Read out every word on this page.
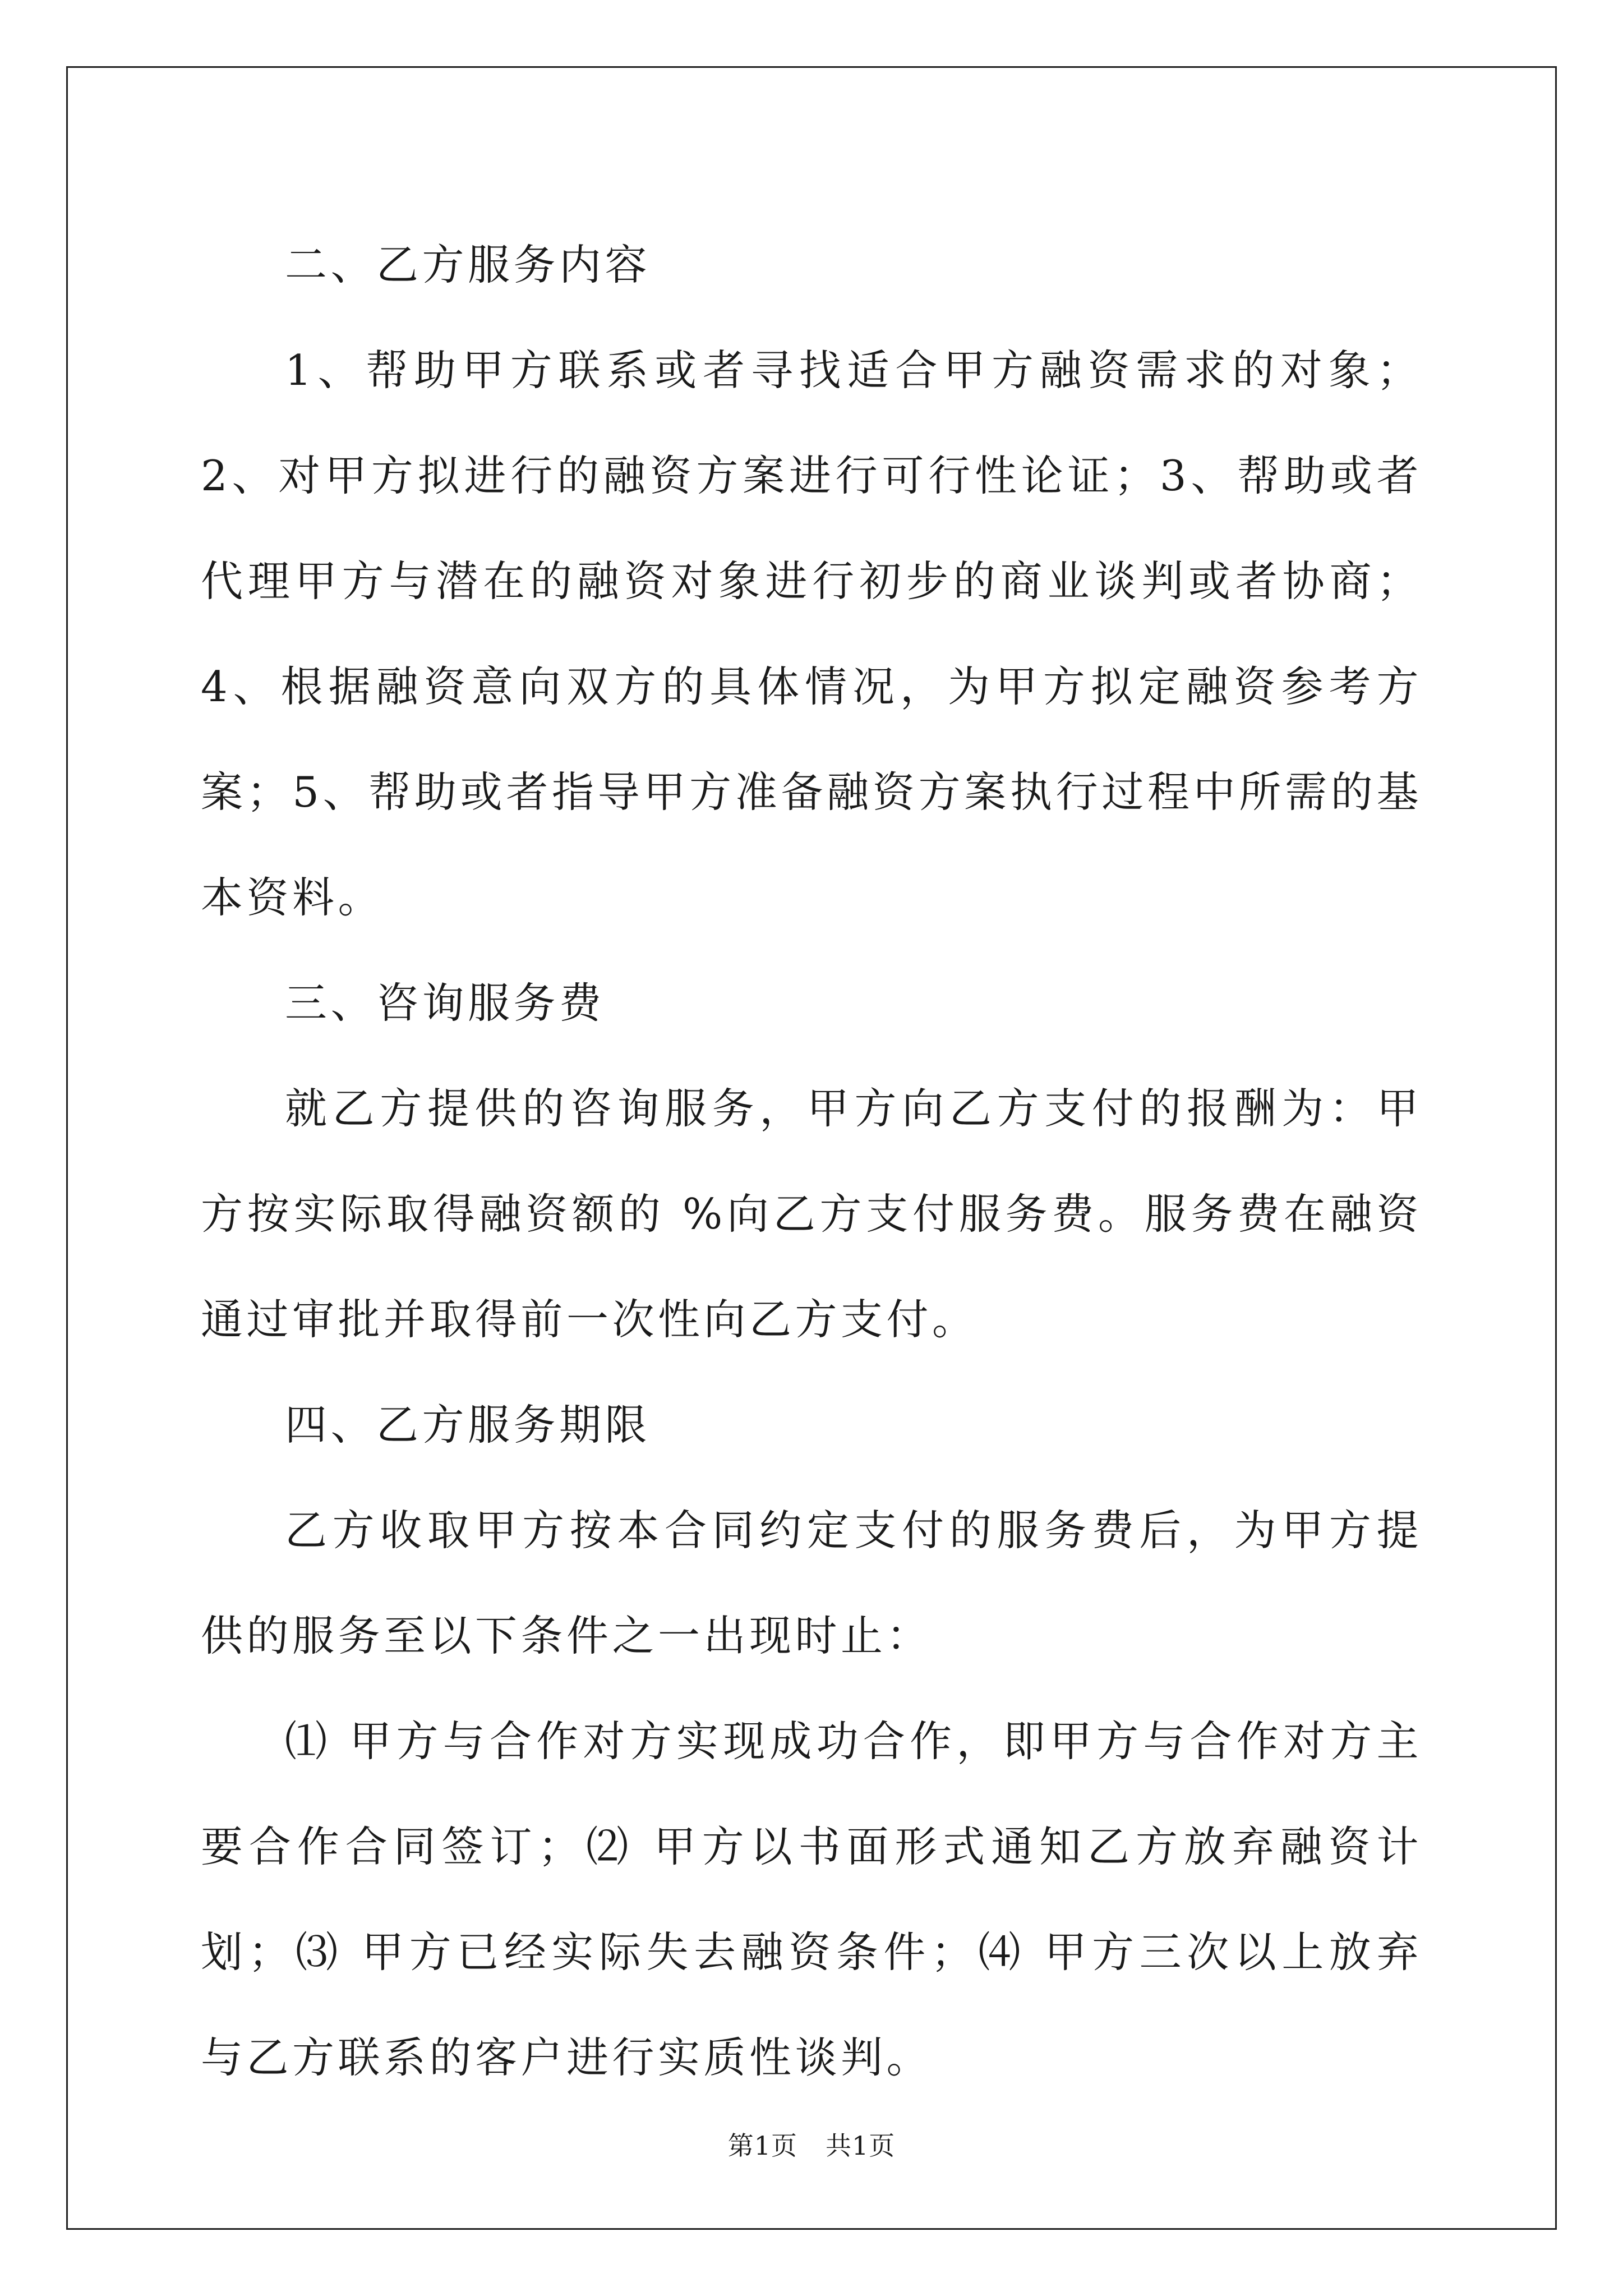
二、乙方服务内容

1、帮助甲方联系或者寻找适合甲方融资需求的对象；2、对甲方拟进行的融资方案进行可行性论证；3、帮助或者代理甲方与潜在的融资对象进行初步的商业谈判或者协商；4、根据融资意向双方的具体情况，为甲方拟定融资参考方案；5、帮助或者指导甲方准备融资方案执行过程中所需的基本资料。

三、咨询服务费

就乙方提供的咨询服务，甲方向乙方支付的报酬为：甲方按实际取得融资额的 %向乙方支付服务费。服务费在融资通过审批并取得前一次性向乙方支付。

四、乙方服务期限

乙方收取甲方按本合同约定支付的服务费后，为甲方提供的服务至以下条件之一出现时止：

⑴ 甲方与合作对方实现成功合作，即甲方与合作对方主要合作合同签订；⑵ 甲方以书面形式通知乙方放弃融资计划；⑶ 甲方已经实际失去融资条件；⑷ 甲方三次以上放弃与乙方联系的客户进行实质性谈判。

第1页 共1页
